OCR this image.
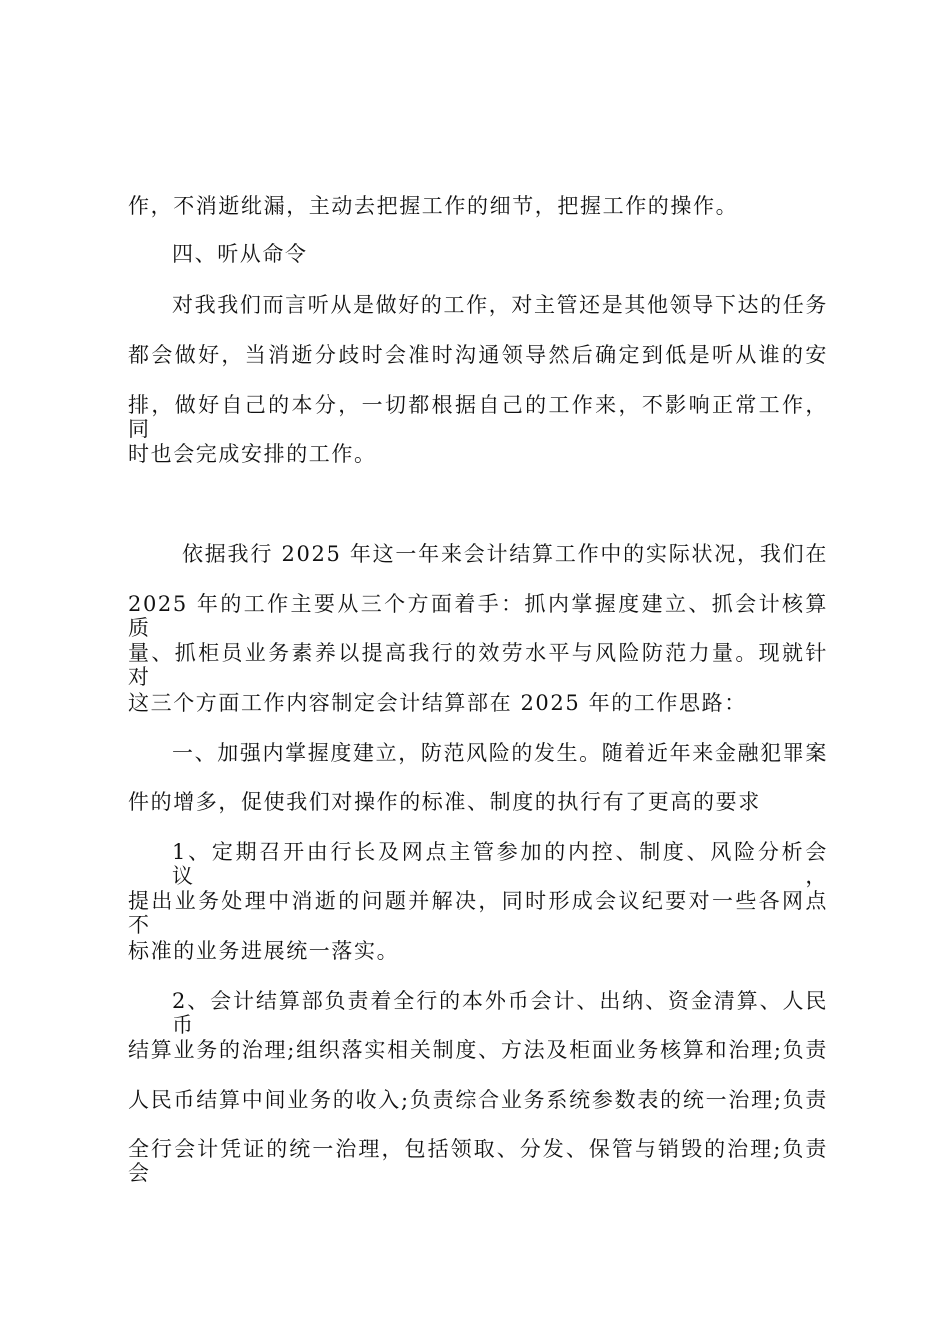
作，不消逝纰漏，主动去把握工作的细节，把握工作的操作。
四、听从命令
对我我们而言听从是做好的工作，对主管还是其他领导下达的任务
都会做好，当消逝分歧时会准时沟通领导然后确定到低是听从谁的安
排，做好自己的本分，一切都根据自己的工作来，不影响正常工作，同
时也会完成安排的工作。
依据我行 2025 年这一年来会计结算工作中的实际状况，我们在
2025 年的工作主要从三个方面着手：抓内掌握度建立、抓会计核算质
量、抓柜员业务素养以提高我行的效劳水平与风险防范力量。现就针对
这三个方面工作内容制定会计结算部在 2025 年的工作思路：
一、加强内掌握度建立，防范风险的发生。随着近年来金融犯罪案
件的增多，促使我们对操作的标准、制度的执行有了更高的要求
1、定期召开由行长及网点主管参加的内控、制度、风险分析会议，
提出业务处理中消逝的问题并解决，同时形成会议纪要对一些各网点不
标准的业务进展统一落实。
2、会计结算部负责着全行的本外币会计、出纳、资金清算、人民币
结算业务的治理;组织落实相关制度、方法及柜面业务核算和治理;负责
人民币结算中间业务的收入;负责综合业务系统参数表的统一治理;负责
全行会计凭证的统一治理，包括领取、分发、保管与销毁的治理;负责会
